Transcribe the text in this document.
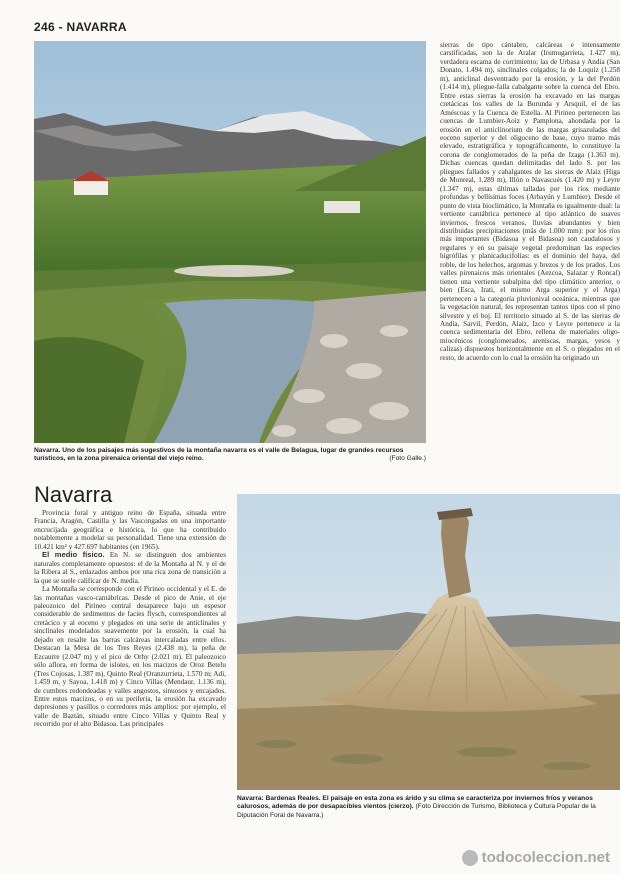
246 - NAVARRA
Navarra. Uno de los paisajes más sugestivos de la montaña navarra es el valle de Belagua, lugar de grandes recursos turísticos, en la zona pirenaica oriental del viejo reino.	(Foto Galle.)

sierras de tipo cántabro, calcáreas e intensamente carstificadas, son la de Aralar (Irumugarrieta, 1.427 m), verdadera escama de corrimiento; las de Urbasa y Andía (San Donato, 1.494 m), sinclinales colgados; la de Loquiz (1.258 m), anticlinal desventrado por la erosión, y la del Perdón (1.414 m), pliegue-falla cabalgante sobre la cuenca del Ebro. Entre estas sierras la erosión ha excavado en las margas cretácicas los valles de la Burunda y Arsquil, el de las Améscoas y la Cuenca de Estella. Al Pirineo pertenecen las cuencas de Lumbier-Aoiz y Pamplona, ahondada por la erosión en el anticlinorium de las margas grisazuladas del eoceno superior y del oligoceno de base, cuyo tramo más elevado, estratigráfica y topográficamente, lo constituye la corona de conglomerados de la peña de Izaga (1.363 m). Dichas cuencas quedan delimitadas del lado S. por los pliegues fallados y cabalgantes de las sierras de Alaiz (Higa de Monreal, 1.289 m), Illón o Navascués (1.420 m) y Leyre (1.347 m), estas últimas talladas por los ríos mediante profundas y bellísimas foces (Arbayún y Lumbier). Desde el punto de vista bioclimático, la Montaña es igualmente dual: la vertiente cantábrica pertenece al tipo atlántico de suaves inviernos, frescos veranos, lluvias abundantes y bien distribuidas precipitaciones (más de 1.000 mm): por los ríos más importantes (Bidasoa y el Bidasoa) son caudalosos y regulares y en su paisaje vegetal predominan las especies higrófilas y planicaducifolias: es el dominio del haya, del roble, de los helechos, argomas y brezos y de los prados. Los valles pirenaicos más orientales (Aezcoa, Salazar y Roncal) tienen una vertiente subalpina del tipo climático anterior, o bien (Esca, Irati, el mismo Arga superior y el Arga) pertenecen a la categoría pluvionival oceánica, mientras que la vegetación natural, les representan tantos tipos con el pino silvestre y el boj. El territorio situado al S. de las sierras de Andía, Sarvil, Perdón, Alaiz, Izco y Leyre pertenece a la cuenca sedimentaria del Ebro, rellena de materiales oligo-miocénicos (conglomerados, areniscas, margas, yesos y calizas) dispuestos horizontalmente en el S. o plegados en el resto, de acuerdo con lo cual la erosión ha originado un

Navarra

Provincia foral y antiguo reino de España, situada entre Francia, Aragón, Castilla y las Vascongadas en una importante encrucijada geográfica e histórica, lo que ha contribuido notablemente a modelar su personalidad. Tiene una extensión de 10.421 km² y 427.697 habitantes (en 1965).

El medio físico. En N. se distinguen dos ambientes naturales completamente opuestos: el de la Montaña al N. y el de la Ribera al S., enlazados ambos por una rica zona de transición a la que se suele calificar de N. media.

La Montaña se corresponde con el Pirineo occidental y el E. de las montañas vasco-cantábricas. Desde el pico de Anie, el eje paleozoico del Pirineo central desaparece bajo un espesor considerable de sedimentos de facies flysch, correspondientes al cretácico y al eoceno y plegados en una serie de anticlinales y sinclinales modelados suavemente por la erosión, la cual ha dejado en resalte las barras calcáreas intercaladas entre ellos. Destacan la Mesa de los Tres Reyes (2.438 m), la peña de Ezcaurre (2.047 m) y el pico de Orhy (2.021 m). El paleozoico sólo aflora, en forma de islotes, en los macizos de Oroz Betelu (Tres Cojosas, 1.387 m), Quinto Real (Oranzurrieta, 1.570 m; Adi, 1.459 m, y Sayoa, 1.418 m) y Cinco Villas (Mendaur, 1.136 m), de cumbres redondeadas y valles angostos, sinuosos y encajados. Entre estos macizos, o en su periferia, la erosión ha excavado depresiones y pasillos o corredores más amplios: por ejemplo, el valle de Baztán, situado entre Cinco Villas y Quinto Real y recorrido por el alto Bidasoa. Las principales

Navarra: Bardenas Reales. El paisaje en esta zona es árido y su clima se caracteriza por inviernos fríos y veranos calurosos, además de por desapacibles vientos (cierzo). (Foto Dirección de Turismo, Biblioteca y Cultura Popular de la Diputación Foral de Navarra.)
todocoleccion.net
